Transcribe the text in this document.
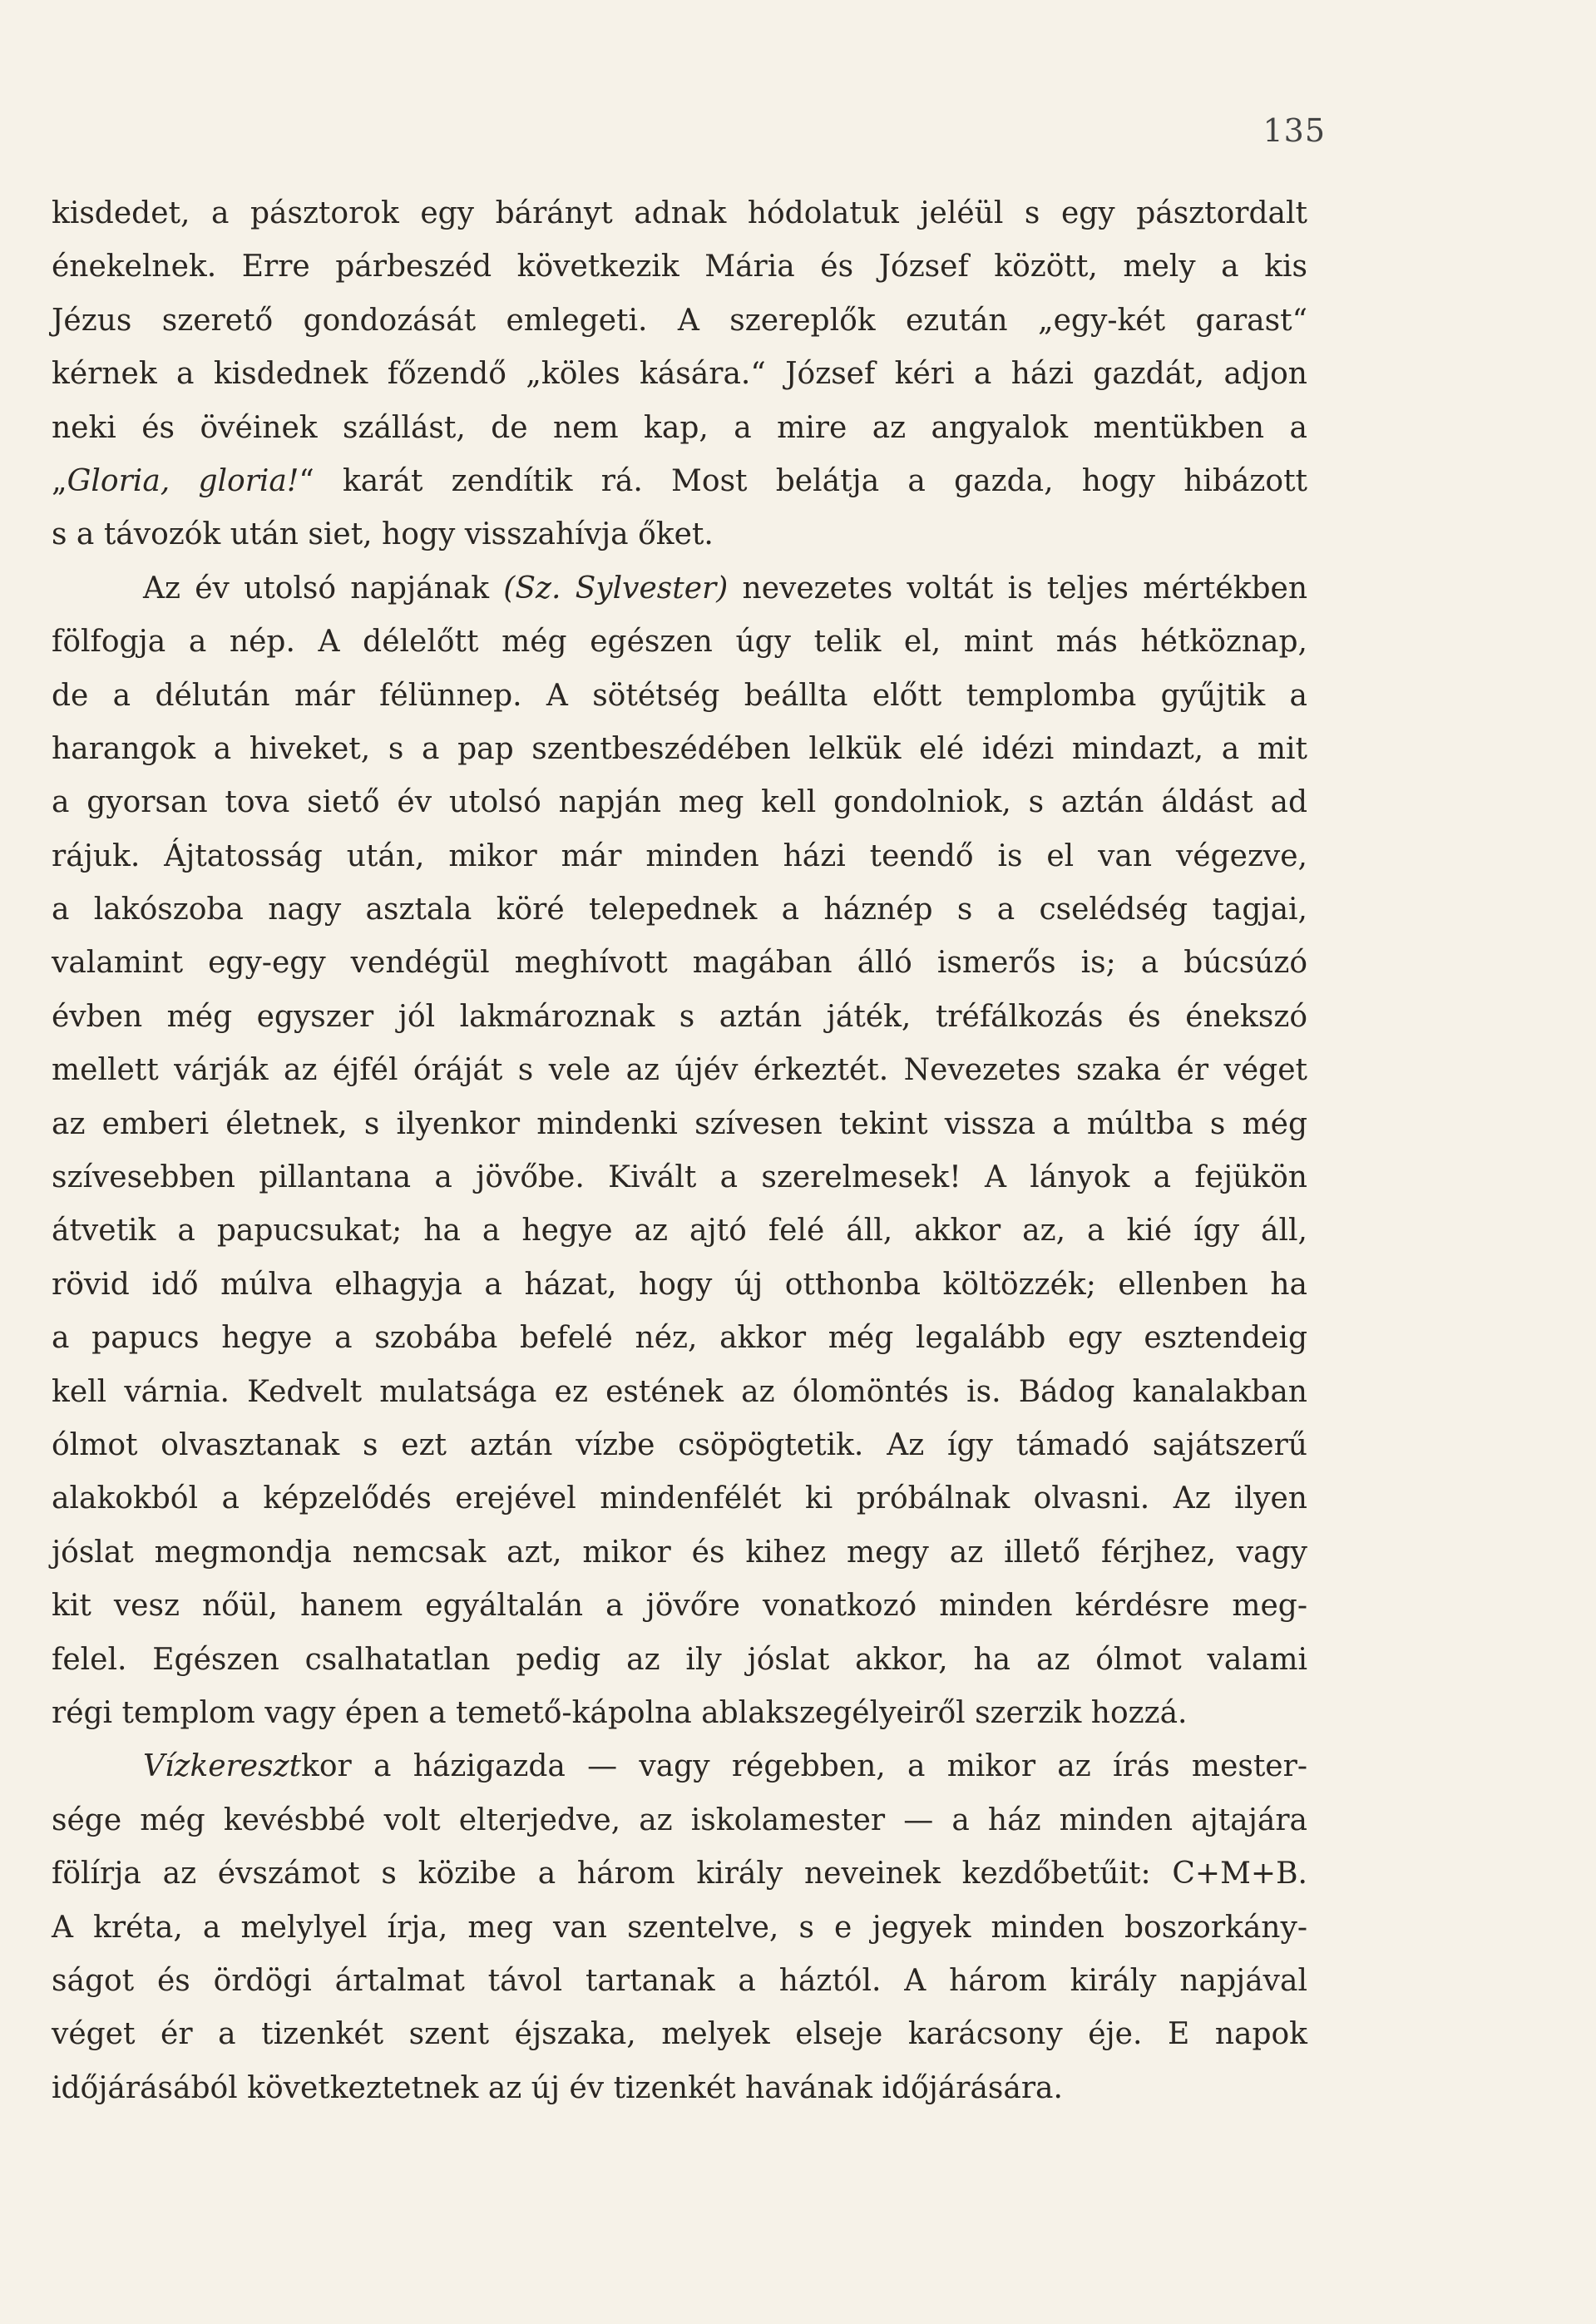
135
kisdedet, a pásztorok egy bárányt adnak hódolatuk jeléül s egy pásztordalt
énekelnek. Erre párbeszéd következik Mária és József között, mely a kis
Jézus szerető gondozását emlegeti. A szereplők ezután „egy-két garast“
kérnek a kisdednek főzendő „köles kására.“ József kéri a házi gazdát, adjon
neki és övéinek szállást, de nem kap, a mire az angyalok mentükben a
„Gloria, gloria!“ karát zendítik rá. Most belátja a gazda, hogy hibázott
s a távozók után siet, hogy visszahívja őket.
Az év utolsó napjának (Sz. Sylvester) nevezetes voltát is teljes mértékben
fölfogja a nép. A délelőtt még egészen úgy telik el, mint más hétköznap,
de a délután már félünnep. A sötétség beállta előtt templomba gyűjtik a
harangok a hiveket, s a pap szentbeszédében lelkük elé idézi mindazt, a mit
a gyorsan tova siető év utolsó napján meg kell gondolniok, s aztán áldást ad
rájuk. Ájtatosság után, mikor már minden házi teendő is el van végezve,
a lakószoba nagy asztala köré telepednek a háznép s a cselédség tagjai,
valamint egy-egy vendégül meghívott magában álló ismerős is; a búcsúzó
évben még egyszer jól lakmároznak s aztán játék, tréfálkozás és énekszó
mellett várják az éjfél óráját s vele az újév érkeztét. Nevezetes szaka ér véget
az emberi életnek, s ilyenkor mindenki szívesen tekint vissza a múltba s még
szívesebben pillantana a jövőbe. Kivált a szerelmesek! A lányok a fejükön
átvetik a papucsukat; ha a hegye az ajtó felé áll, akkor az, a kié így áll,
rövid idő múlva elhagyja a házat, hogy új otthonba költözzék; ellenben ha
a papucs hegye a szobába befelé néz, akkor még legalább egy esztendeig
kell várnia. Kedvelt mulatsága ez estének az ólomöntés is. Bádog kanalakban
ólmot olvasztanak s ezt aztán vízbe csöpögtetik. Az így támadó sajátszerű
alakokból a képzelődés erejével mindenfélét ki próbálnak olvasni. Az ilyen
jóslat megmondja nemcsak azt, mikor és kihez megy az illető férjhez, vagy
kit vesz nőül, hanem egyáltalán a jövőre vonatkozó minden kérdésre meg-
felel. Egészen csalhatatlan pedig az ily jóslat akkor, ha az ólmot valami
régi templom vagy épen a temető-kápolna ablakszegélyeiről szerzik hozzá.
Vízkeresztkor a házigazda — vagy régebben, a mikor az írás mester-
sége még kevésbbé volt elterjedve, az iskolamester — a ház minden ajtajára
fölírja az évszámot s közibe a három király neveinek kezdőbetűit: C+M+B.
A kréta, a melylyel írja, meg van szentelve, s e jegyek minden boszorkány-
ságot és ördögi ártalmat távol tartanak a háztól. A három király napjával
véget ér a tizenkét szent éjszaka, melyek elseje karácsony éje. E napok
időjárásából következtetnek az új év tizenkét havának időjárására.
